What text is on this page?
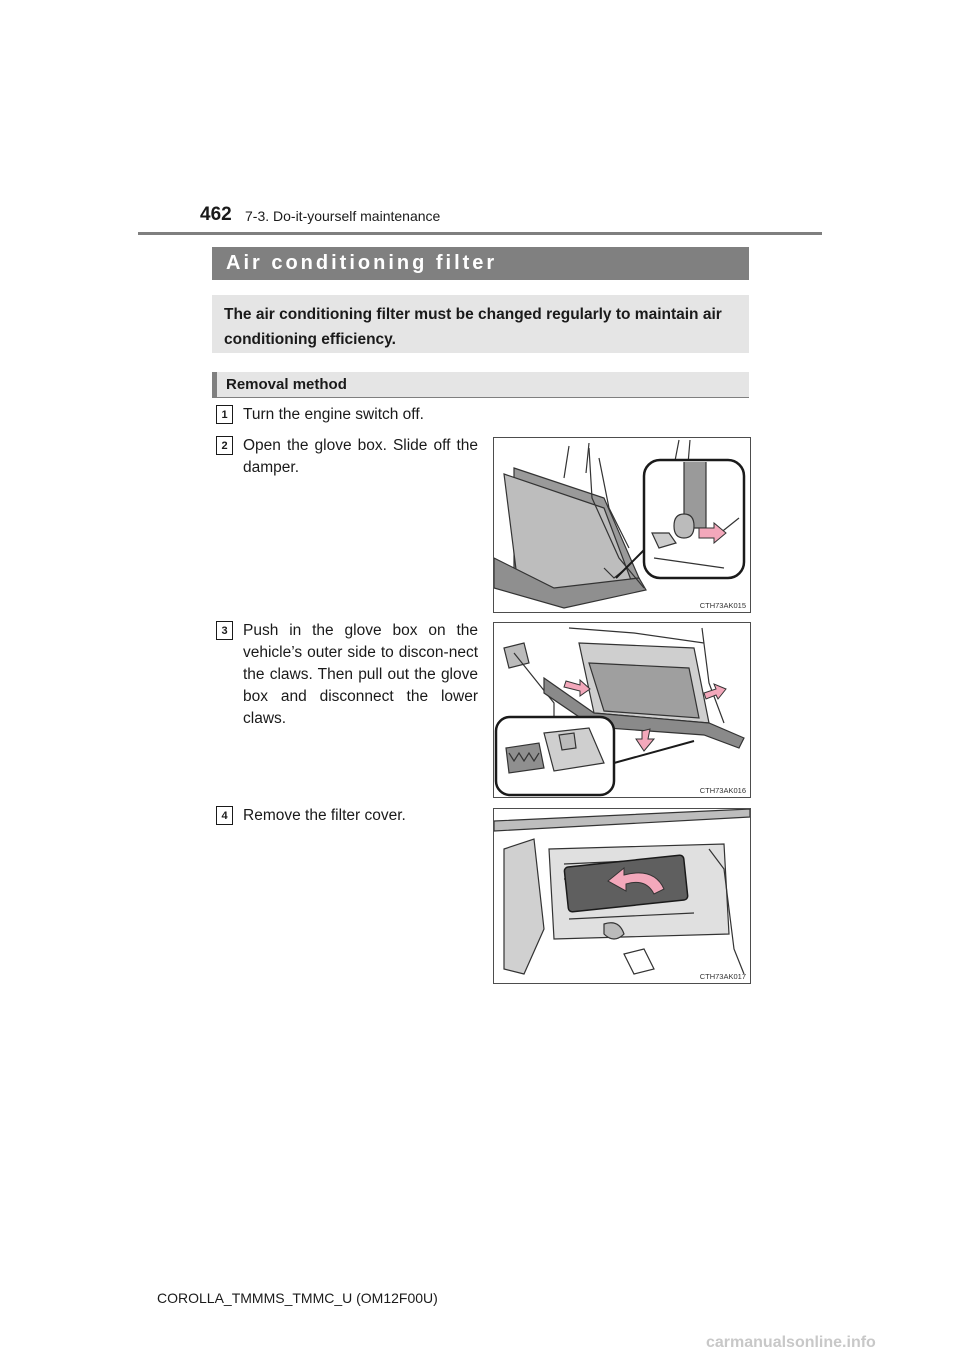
462 7-3. Do-it-yourself maintenance
Air conditioning filter
The air conditioning filter must be changed regularly to maintain air conditioning efficiency.
Removal method
1 Turn the engine switch off.
2 Open the glove box. Slide off the damper.
CTH73AK015
3 Push in the glove box on the vehicle’s outer side to discon-nect the claws. Then pull out the glove box and disconnect the lower claws.
CTH73AK016
4 Remove the filter cover.
CTH73AK017
COROLLA_TMMMS_TMMC_U (OM12F00U)
carmanualsonline.info
